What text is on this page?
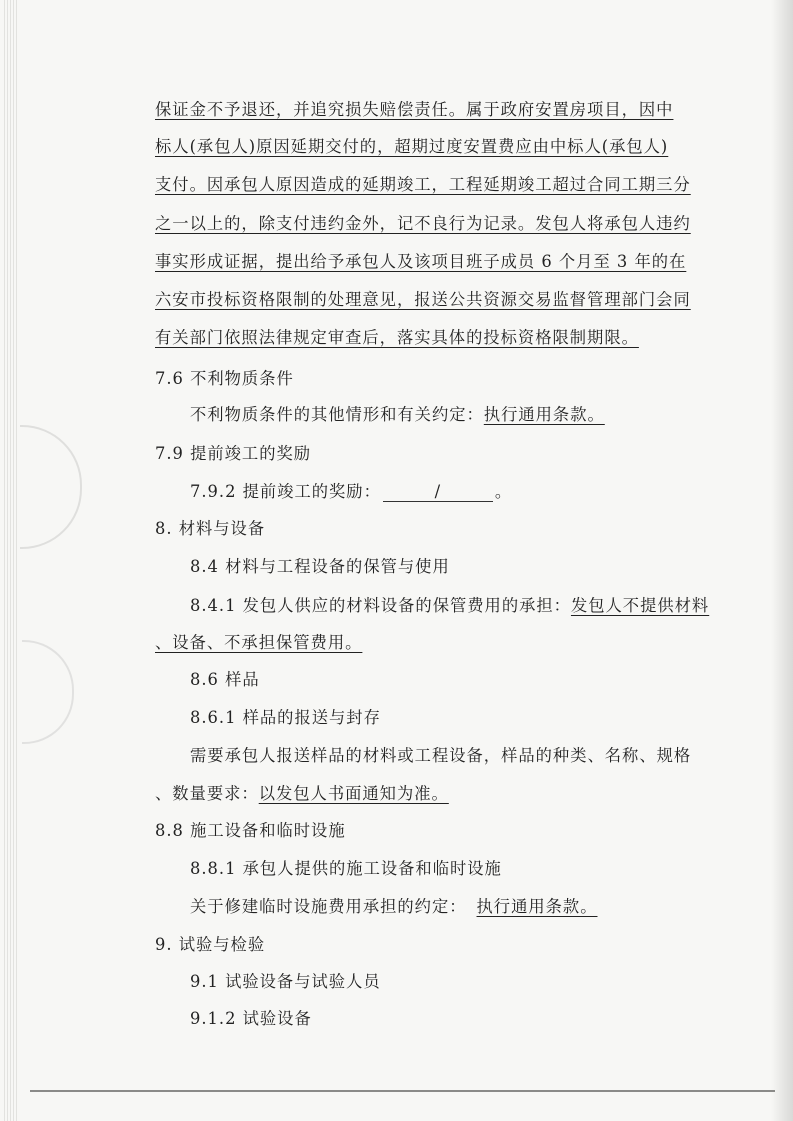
保证金不予退还，并追究损失赔偿责任。属于政府安置房项目，因中
标人(承包人)原因延期交付的，超期过度安置费应由中标人(承包人)
支付。因承包人原因造成的延期竣工，工程延期竣工超过合同工期三分
之一以上的，除支付违约金外，记不良行为记录。发包人将承包人违约
事实形成证据，提出给予承包人及该项目班子成员 6 个月至 3 年的在
六安市投标资格限制的处理意见，报送公共资源交易监督管理部门会同
有关部门依照法律规定审查后，落实具体的投标资格限制期限。
7.6 不利物质条件
不利物质条件的其他情形和有关约定：执行通用条款。
7.9 提前竣工的奖励
7.9.2 提前竣工的奖励：	/	。
8. 材料与设备
8.4 材料与工程设备的保管与使用
8.4.1 发包人供应的材料设备的保管费用的承担：发包人不提供材料
、设备、不承担保管费用。
8.6 样品
8.6.1 样品的报送与封存
需要承包人报送样品的材料或工程设备，样品的种类、名称、规格
、数量要求：以发包人书面通知为准。
8.8 施工设备和临时设施
8.8.1 承包人提供的施工设备和临时设施
关于修建临时设施费用承担的约定： 执行通用条款。
9. 试验与检验
9.1 试验设备与试验人员
9.1.2 试验设备
